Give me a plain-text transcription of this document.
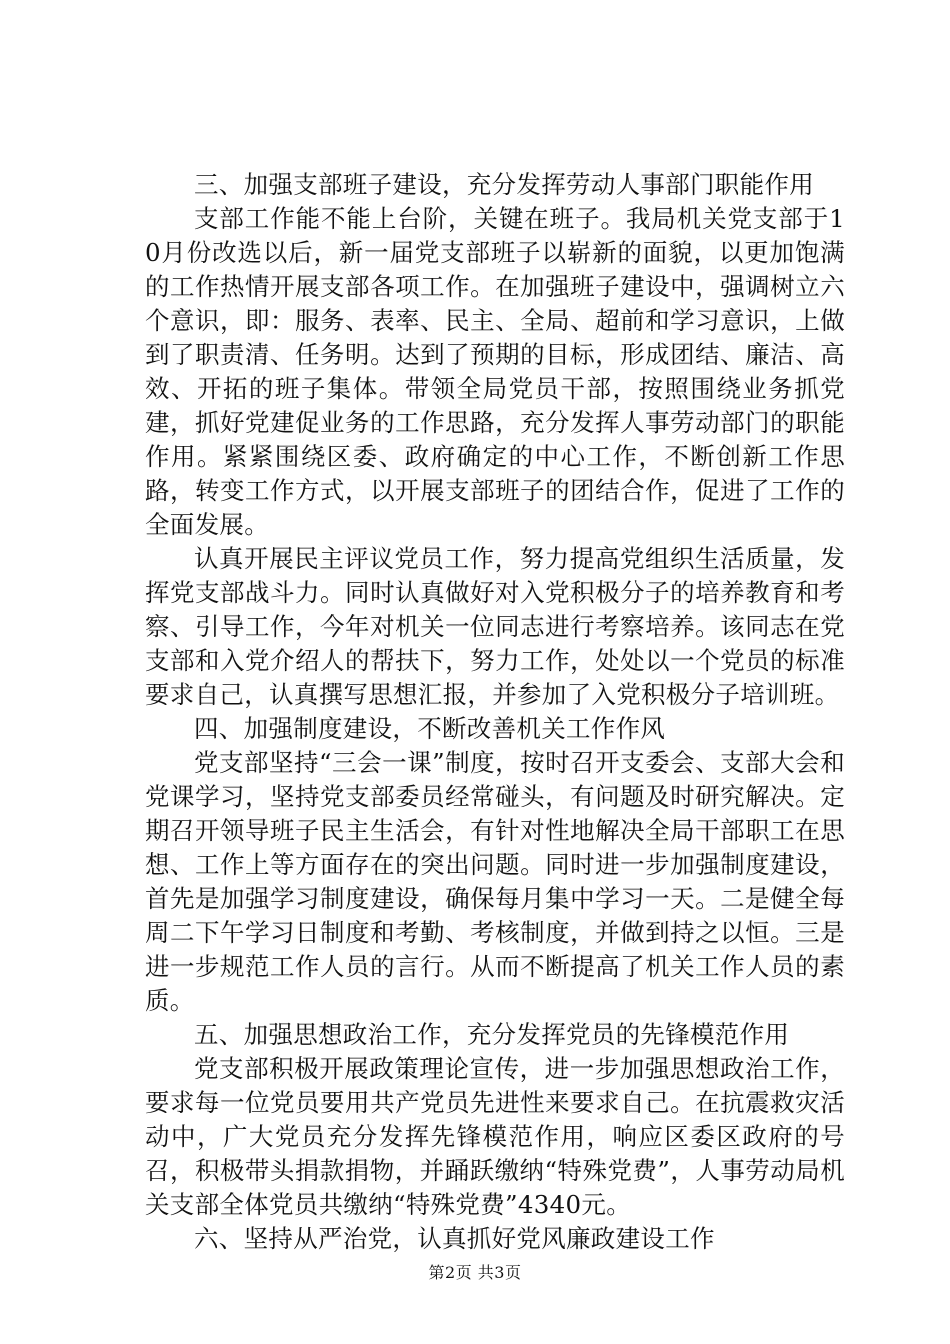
三、加强支部班子建设，充分发挥劳动人事部门职能作用

支部工作能不能上台阶，关键在班子。我局机关党支部于10月份改选以后，新一届党支部班子以崭新的面貌，以更加饱满的工作热情开展支部各项工作。在加强班子建设中，强调树立六个意识，即：服务、表率、民主、全局、超前和学习意识，上做到了职责清、任务明。达到了预期的目标，形成团结、廉洁、高效、开拓的班子集体。带领全局党员干部，按照围绕业务抓党建，抓好党建促业务的工作思路，充分发挥人事劳动部门的职能作用。紧紧围绕区委、政府确定的中心工作，不断创新工作思路，转变工作方式，以开展支部班子的团结合作，促进了工作的全面发展。

认真开展民主评议党员工作，努力提高党组织生活质量，发挥党支部战斗力。同时认真做好对入党积极分子的培养教育和考察、引导工作，今年对机关一位同志进行考察培养。该同志在党支部和入党介绍人的帮扶下，努力工作，处处以一个党员的标准要求自己，认真撰写思想汇报，并参加了入党积极分子培训班。

四、加强制度建设，不断改善机关工作作风

党支部坚持“三会一课”制度，按时召开支委会、支部大会和党课学习，坚持党支部委员经常碰头，有问题及时研究解决。定期召开领导班子民主生活会，有针对性地解决全局干部职工在思想、工作上等方面存在的突出问题。同时进一步加强制度建设，首先是加强学习制度建设，确保每月集中学习一天。二是健全每周二下午学习日制度和考勤、考核制度，并做到持之以恒。三是进一步规范工作人员的言行。从而不断提高了机关工作人员的素质。

五、加强思想政治工作，充分发挥党员的先锋模范作用

党支部积极开展政策理论宣传，进一步加强思想政治工作，要求每一位党员要用共产党员先进性来要求自己。在抗震救灾活动中，广大党员充分发挥先锋模范作用，响应区委区政府的号召，积极带头捐款捐物，并踊跃缴纳“特殊党费”，人事劳动局机关支部全体党员共缴纳“特殊党费”4340元。

六、坚持从严治党，认真抓好党风廉政建设工作

第2页 共3页
